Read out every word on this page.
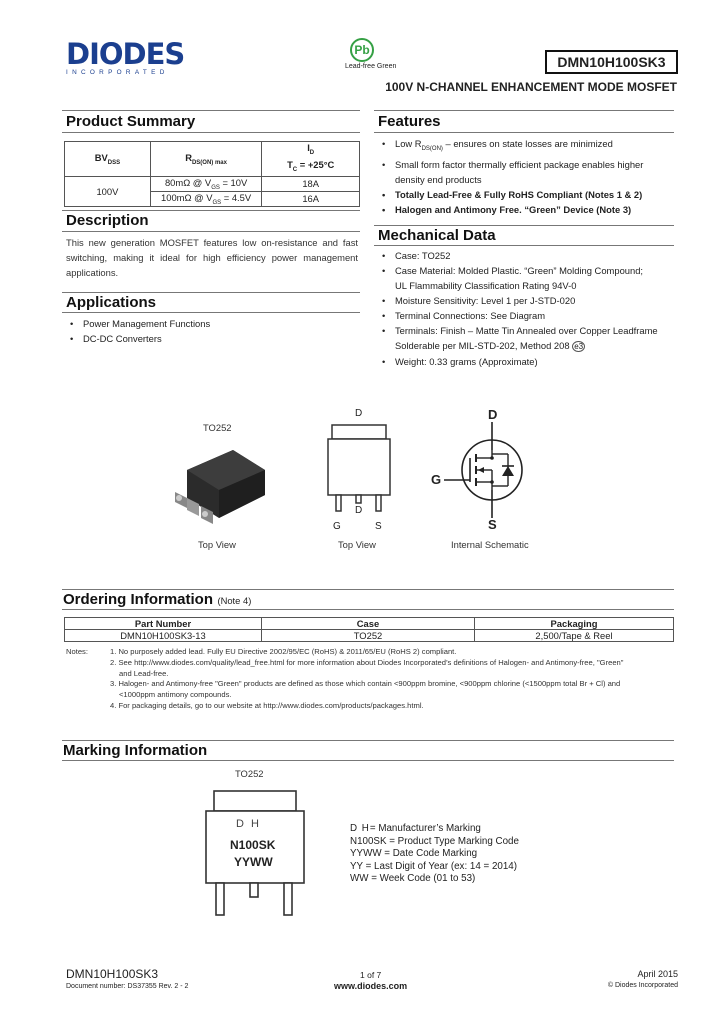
DIODES
INCORPORATED
Pb
Lead-free Green	DMN10H100SK3
100V N-CHANNEL ENHANCEMENT MODE MOSFET
Product Summary
$BV_{DSS}$	$R_{DS(ON) max}$	$I_D$
$T_C = +25^\circ C$
100V	80mΩ @ $V_{GS} = 10V$	18A
	100mΩ @ $V_{GS} = 4.5V$	16A
Description
This new generation MOSFET features low on-resistance and fast
switching, making it ideal for high efficiency power management
applications.
Applications
• Power Management Functions
• DC-DC Converters
Features
• Low $R_{DS(ON)}$ – ensures on state losses are minimized
• Small form factor thermally efficient package enables higher
density end products
• Totally Lead-Free & Fully RoHS Compliant (Notes 1 & 2)
• Halogen and Antimony Free. “Green” Device (Note 3)
Mechanical Data
• Case: TO252
• Case Material: Molded Plastic. “Green” Molding Compound;
UL Flammability Classification Rating 94V-0
• Moisture Sensitivity: Level 1 per J-STD-020
• Terminal Connections: See Diagram
• Terminals: Finish – Matte Tin Annealed over Copper Leadframe
Solderable per MIL-STD-202, Method 208 e3
• Weight: 0.33 grams (Approximate)
TO252
Top View
D
D
G	S
Top View
D
G
S
Internal Schematic
Ordering Information (Note 4)
Part Number	Case	Packaging
DMN10H100SK3-13	TO252	2,500/Tape & Reel
Notes:	1. No purposely added lead. Fully EU Directive 2002/95/EC (RoHS) & 2011/65/EU (RoHS 2) compliant.
2. See http://www.diodes.com/quality/lead_free.html for more information about Diodes Incorporated’s definitions of Halogen- and Antimony-free, "Green"
and Lead-free.
3. Halogen- and Antimony-free "Green" products are defined as those which contain <900ppm bromine, <900ppm chlorine (<1500ppm total Br + Cl) and
<1000ppm antimony compounds.
4. For packaging details, go to our website at http://www.diodes.com/products/packages.html.
Marking Information
TO252
D H
N100SK
YYWW
D H= Manufacturer’s Marking
N100SK = Product Type Marking Code
YYWW = Date Code Marking
YY = Last Digit of Year (ex: 14 = 2014)
WW = Week Code (01 to 53)
DMN10H100SK3
Document number: DS37355 Rev. 2 - 2
1 of 7
www.diodes.com
April 2015
© Diodes Incorporated
